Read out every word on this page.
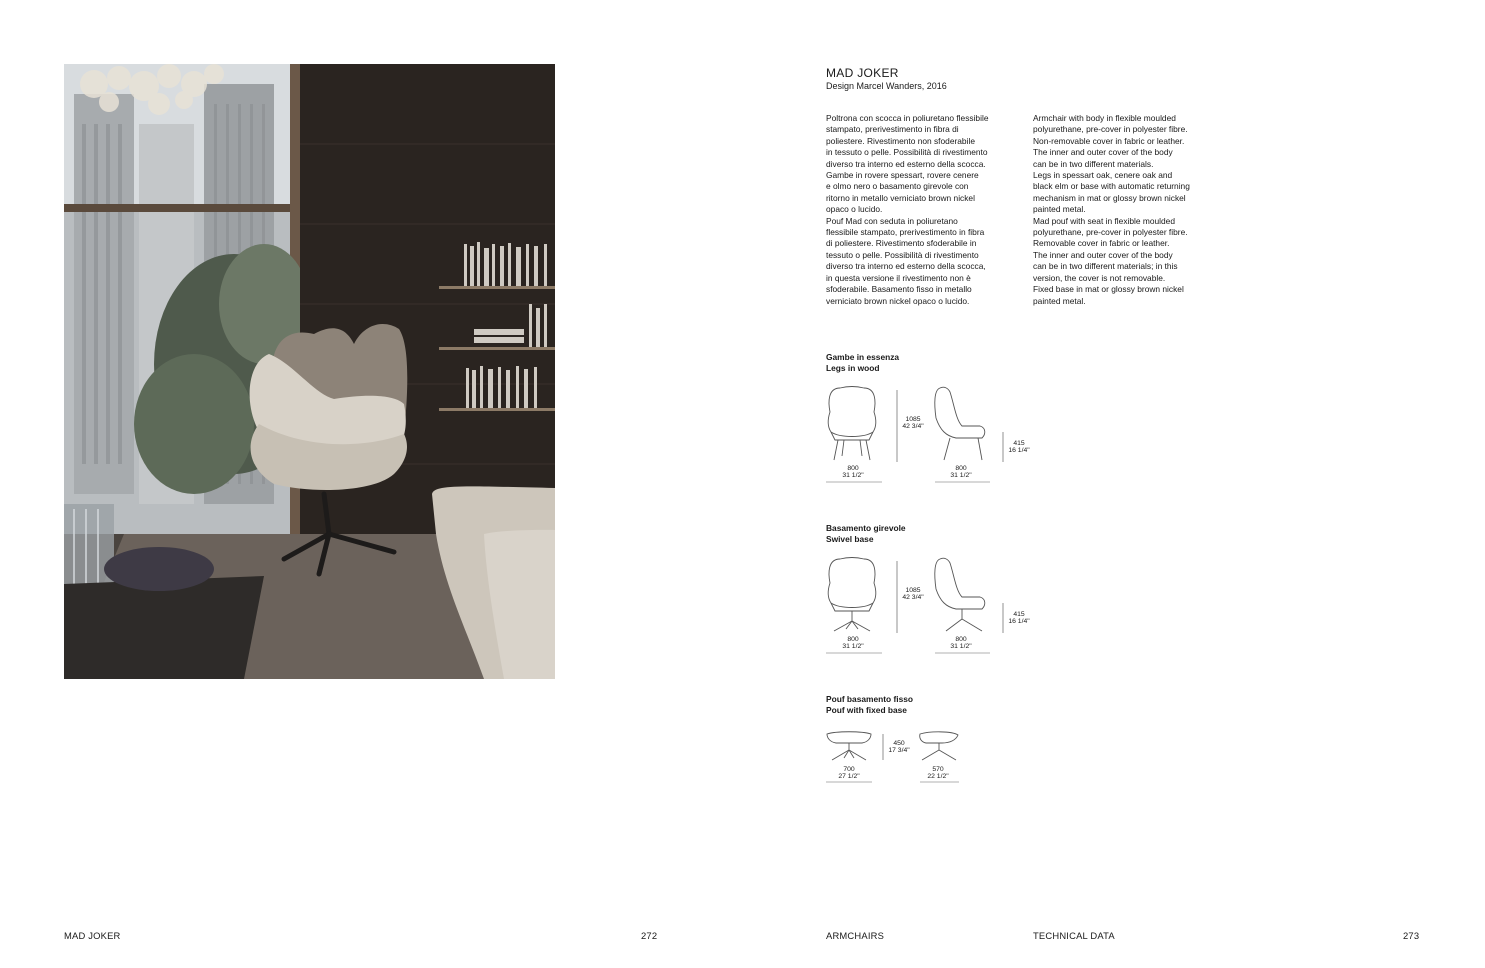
MAD JOKER
Design Marcel Wanders, 2016
Poltrona con scocca in poliuretano flessibile
stampato, prerivestimento in fibra di
poliestere. Rivestimento non sfoderabile
in tessuto o pelle. Possibilità di rivestimento
diverso tra interno ed esterno della scocca.
Gambe in rovere spessart, rovere cenere
e olmo nero o basamento girevole con
ritorno in metallo verniciato brown nickel
opaco o lucido.
Pouf Mad con seduta in poliuretano
flessibile stampato, prerivestimento in fibra
di poliestere. Rivestimento sfoderabile in
tessuto o pelle. Possibilità di rivestimento
diverso tra interno ed esterno della scocca,
in questa versione il rivestimento non è
sfoderabile. Basamento fisso in metallo
verniciato brown nickel opaco o lucido.
Armchair with body in flexible moulded
polyurethane, pre-cover in polyester fibre.
Non-removable cover in fabric or leather.
The inner and outer cover of the body
can be in two different materials.
Legs in spessart oak, cenere oak and
black elm or base with automatic returning
mechanism in mat or glossy brown nickel
painted metal.
Mad pouf with seat in flexible moulded
polyurethane, pre-cover in polyester fibre.
Removable cover in fabric or leather.
The inner and outer cover of the body
can be in two different materials; in this
version, the cover is not removable.
Fixed base in mat or glossy brown nickel
painted metal.
Gambe in essenza
Legs in wood
1085
42 3/4"
415
16 1/4"
800
31 1/2"
800
31 1/2"
Basamento girevole
Swivel base
1085
42 3/4"
415
16 1/4"
800
31 1/2"
800
31 1/2"
Pouf basamento fisso
Pouf with fixed base
450
17 3/4"
700
27 1/2"
570
22 1/2"
MAD JOKER	272	ARMCHAIRS	TECHNICAL DATA	273
